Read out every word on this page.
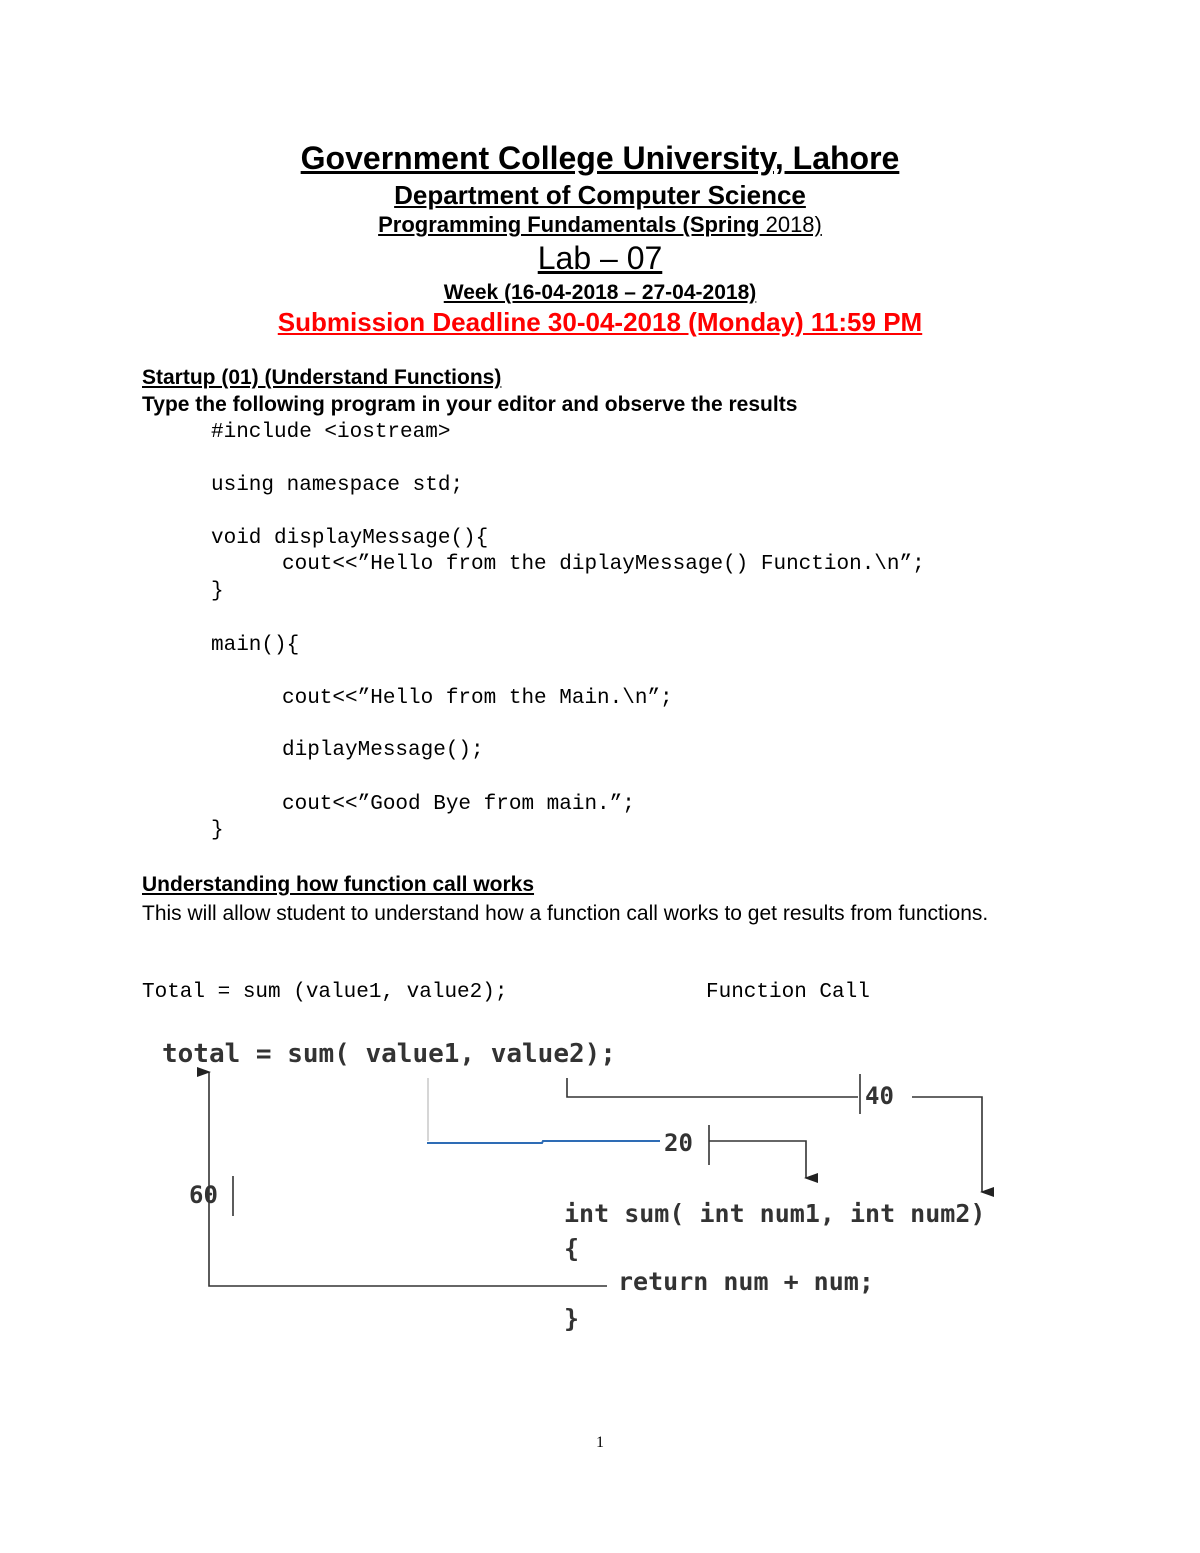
Government College University, Lahore
Department of Computer Science
Programming Fundamentals (Spring 2018)
Lab – 07
Week (16-04-2018 – 27-04-2018)
Submission Deadline 30-04-2018 (Monday) 11:59 PM
Startup (01) (Understand Functions)
Type the following program in your editor and observe the results
#include <iostream>
using namespace std;
void displayMessage(){
cout<<”Hello from the diplayMessage() Function.\n”;
}
main(){
cout<<”Hello from the Main.\n”;
diplayMessage();
cout<<”Good Bye from main.”;
}
Understanding how function call works
This will allow student to understand how a function call works to get results from functions.
Total = sum (value1, value2);	Function Call
total = sum( value1, value2);
40
20
60
int sum( int num1, int num2)
{
return num + num;
}
1
